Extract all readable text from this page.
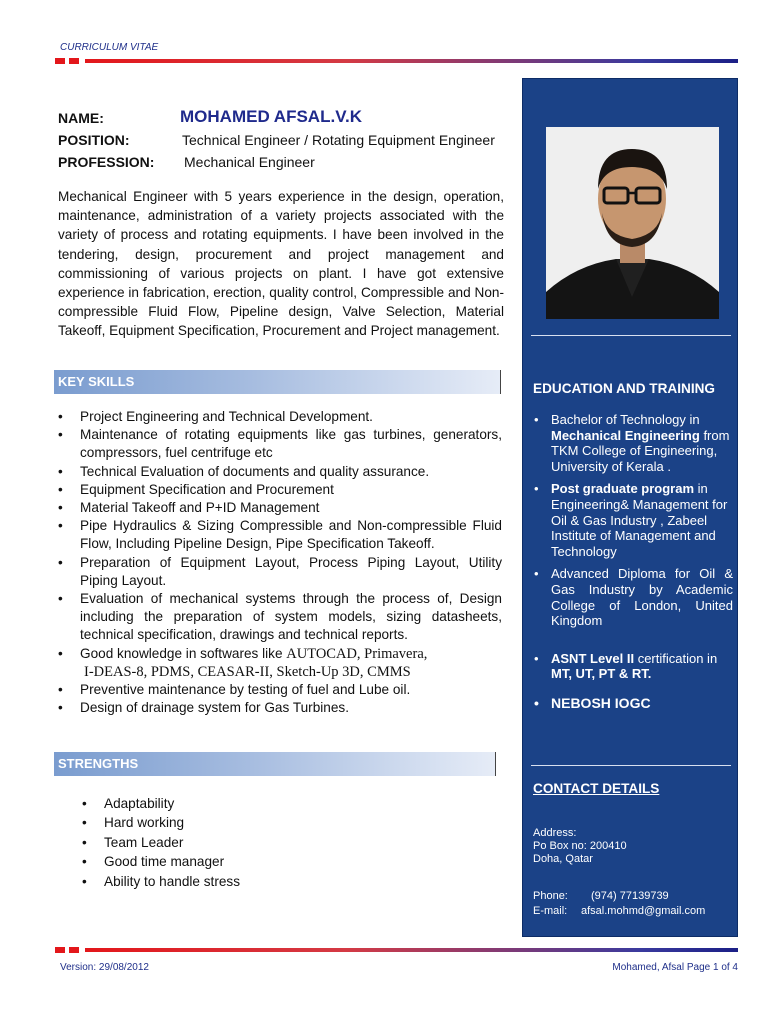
CURRICULUM VITAE
NAME:	MOHAMED AFSAL.V.K
POSITION:	Technical Engineer / Rotating Equipment Engineer
PROFESSION: Mechanical Engineer
Mechanical Engineer with 5 years experience in the design, operation, maintenance, administration of a variety projects associated with the variety of process and rotating equipments. I have been involved in the tendering, design, procurement and project management and commissioning of various projects on plant. I have got extensive experience in fabrication, erection, quality control, Compressible and Non- compressible Fluid Flow, Pipeline design, Valve Selection, Material Takeoff, Equipment Specification, Procurement and Project management.
KEY SKILLS
• Project Engineering and Technical Development.
• Maintenance of rotating equipments like gas turbines, generators, compressors, fuel centrifuge etc
• Technical Evaluation of documents and quality assurance.
• Equipment Specification and Procurement
• Material Takeoff and P+ID Management
• Pipe Hydraulics & Sizing Compressible and Non-compressible Fluid Flow, Including Pipeline Design, Pipe Specification Takeoff.
• Preparation of Equipment Layout, Process Piping Layout, Utility Piping Layout.
• Evaluation of mechanical systems through the process of, Design including the preparation of system models, sizing datasheets, technical specification, drawings and technical reports.
• Good knowledge in softwares like AUTOCAD, Primavera,
I-DEAS-8, PDMS, CEASAR-II, Sketch-Up 3D, CMMS
• Preventive maintenance by testing of fuel and Lube oil.
• Design of drainage system for Gas Turbines.
STRENGTHS
• Adaptability
• Hard working
• Team Leader
• Good time manager
• Ability to handle stress
EDUCATION AND TRAINING
• Bachelor of Technology in Mechanical Engineering from TKM College of Engineering, University of Kerala .
• Post graduate program in Engineering& Management for Oil & Gas Industry , Zabeel Institute of Management and Technology
• Advanced Diploma for Oil & Gas Industry by Academic College of London, United Kingdom
• ASNT Level II certification in MT, UT, PT & RT.
• NEBOSH IOGC
CONTACT DETAILS
Address:
Po Box no: 200410
Doha, Qatar
Phone: (974) 77139739
E-mail: afsal.mohmd@gmail.com
Version: 29/08/2012	Mohamed, Afsal Page 1 of 4
